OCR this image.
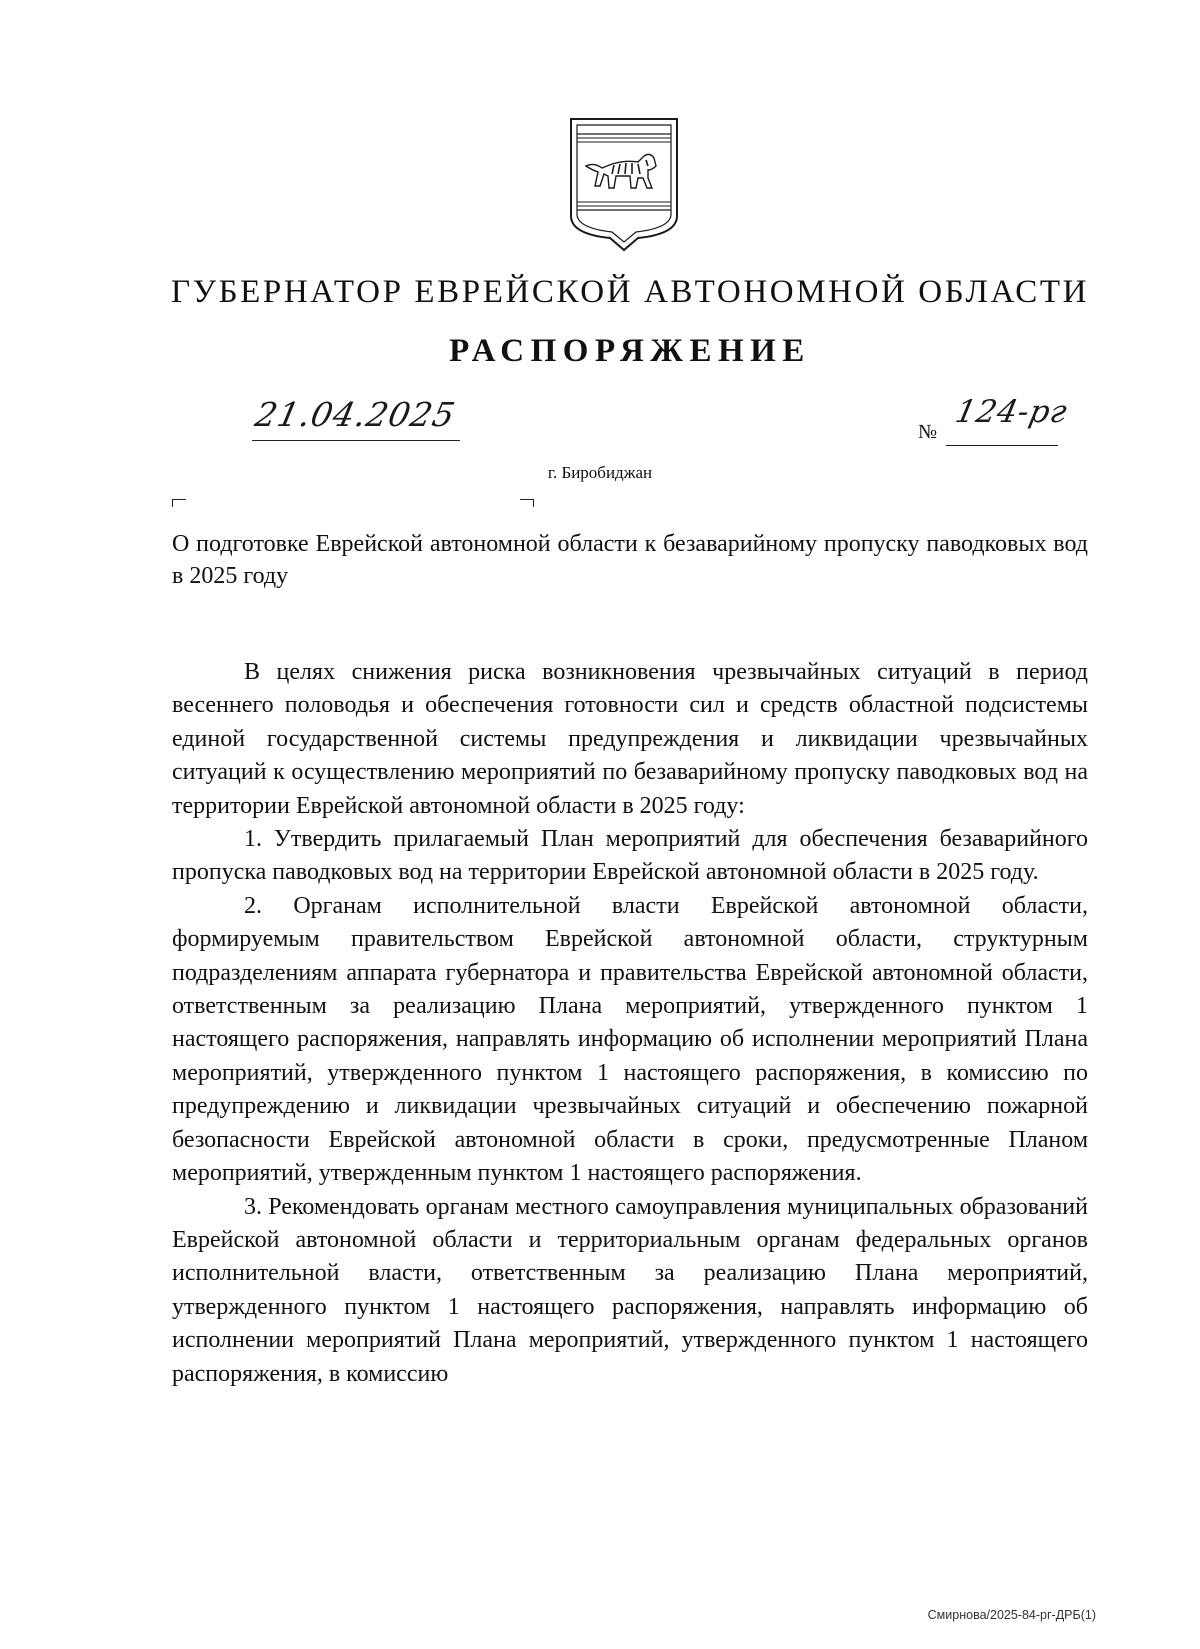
ГУБЕРНАТОР ЕВРЕЙСКОЙ АВТОНОМНОЙ ОБЛАСТИ
РАСПОРЯЖЕНИЕ
21.04.2025	№
124-рг
г. Биробиджан

О подготовке Еврейской автономной области к безаварийному пропуску паводковых вод в 2025 году

В целях снижения риска возникновения чрезвычайных ситуаций в период весеннего половодья и обеспечения готовности сил и средств областной подсистемы единой государственной системы предупреждения и ликвидации чрезвычайных ситуаций к осуществлению мероприятий по безаварийному пропуску паводковых вод на территории Еврейской автономной области в 2025 году:

1. Утвердить прилагаемый План мероприятий для обеспечения безаварийного пропуска паводковых вод на территории Еврейской автономной области в 2025 году.

2. Органам исполнительной власти Еврейской автономной области, формируемым правительством Еврейской автономной области, структурным подразделениям аппарата губернатора и правительства Еврейской автономной области, ответственным за реализацию Плана мероприятий, утвержденного пунктом 1 настоящего распоряжения, направлять информацию об исполнении мероприятий Плана мероприятий, утвержденного пунктом 1 настоящего распоряжения, в комиссию по предупреждению и ликвидации чрезвычайных ситуаций и обеспечению пожарной безопасности Еврейской автономной области в сроки, предусмотренные Планом мероприятий, утвержденным пунктом 1 настоящего распоряжения.

3. Рекомендовать органам местного самоуправления муниципальных образований Еврейской автономной области и территориальным органам федеральных органов исполнительной власти, ответственным за реализацию Плана мероприятий, утвержденного пунктом 1 настоящего распоряжения, направлять информацию об исполнении мероприятий Плана мероприятий, утвержденного пунктом 1 настоящего распоряжения, в комиссию

Смирнова/2025-84-рг-ДРБ(1)
